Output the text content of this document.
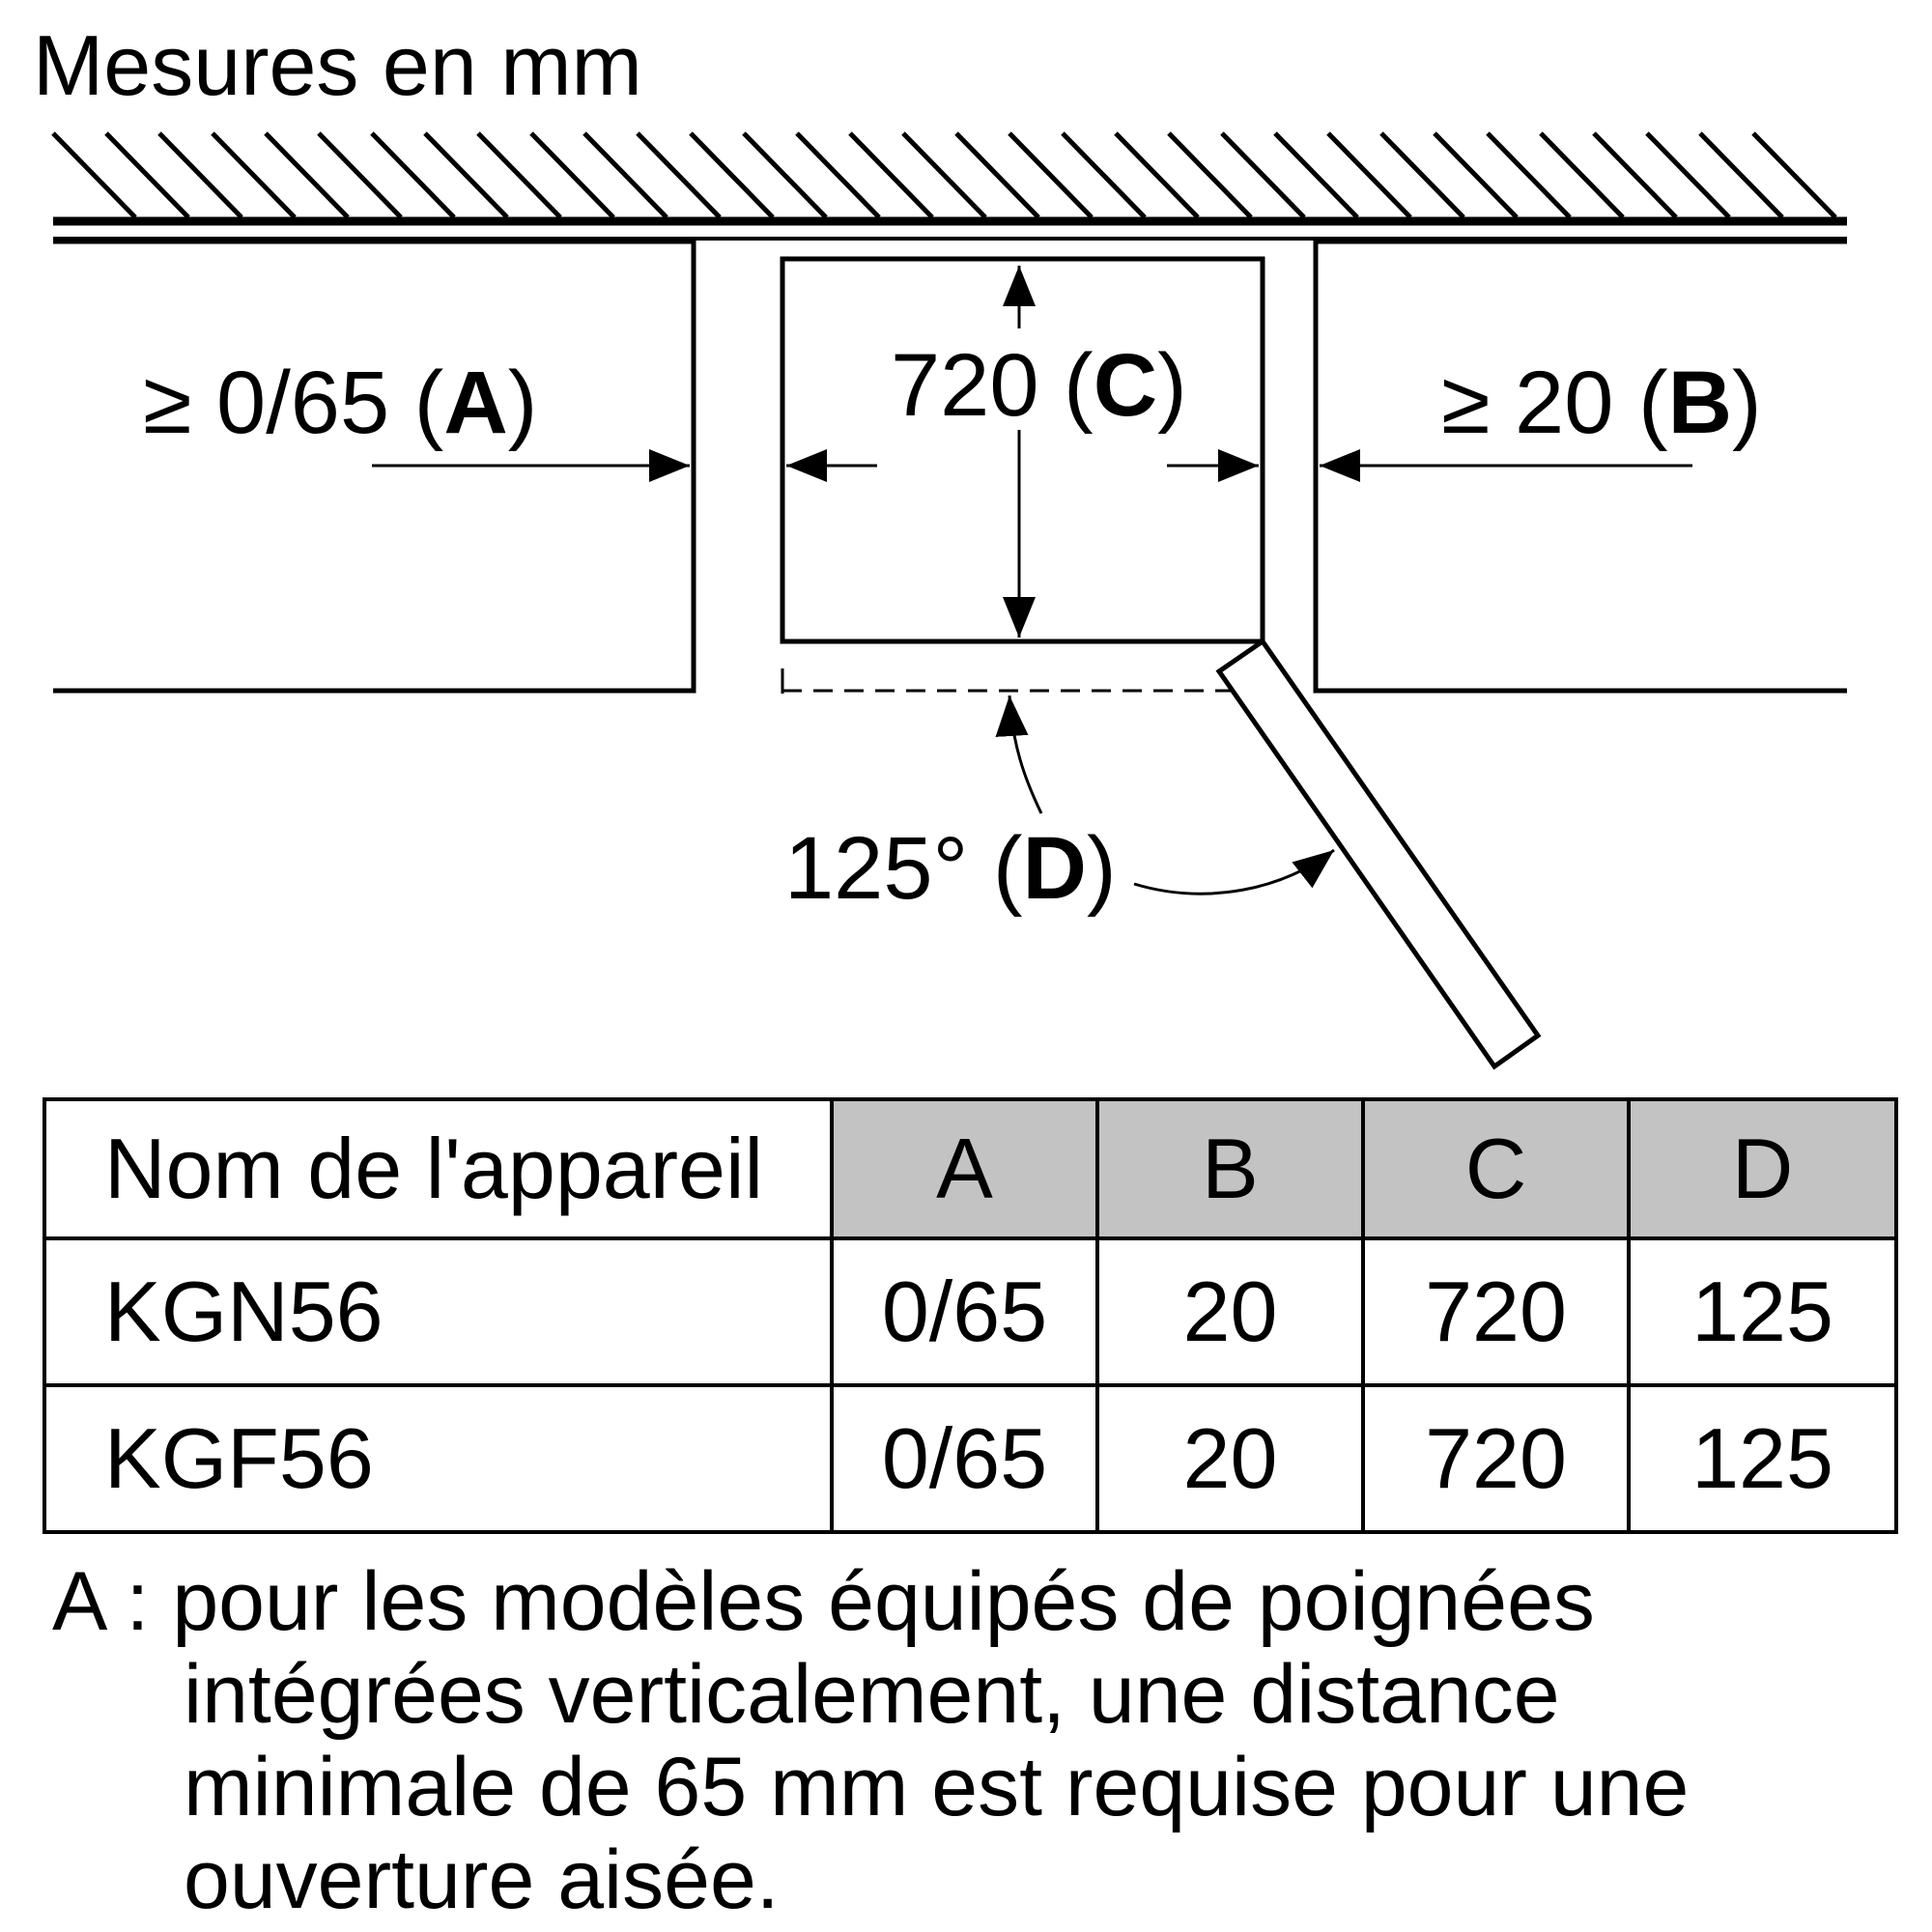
Mesures en mm
≥ 0/65 (A)	≥ 20 (B)
720 (C)
125° (D)
Nom de l'appareil	A	B	C	D
KGN56	0/65	20	720	125
KGF56	0/65	20	720	125
A : pour les modèles équipés de poignées
intégrées verticalement, une distance
minimale de 65 mm est requise pour une
ouverture aisée.
